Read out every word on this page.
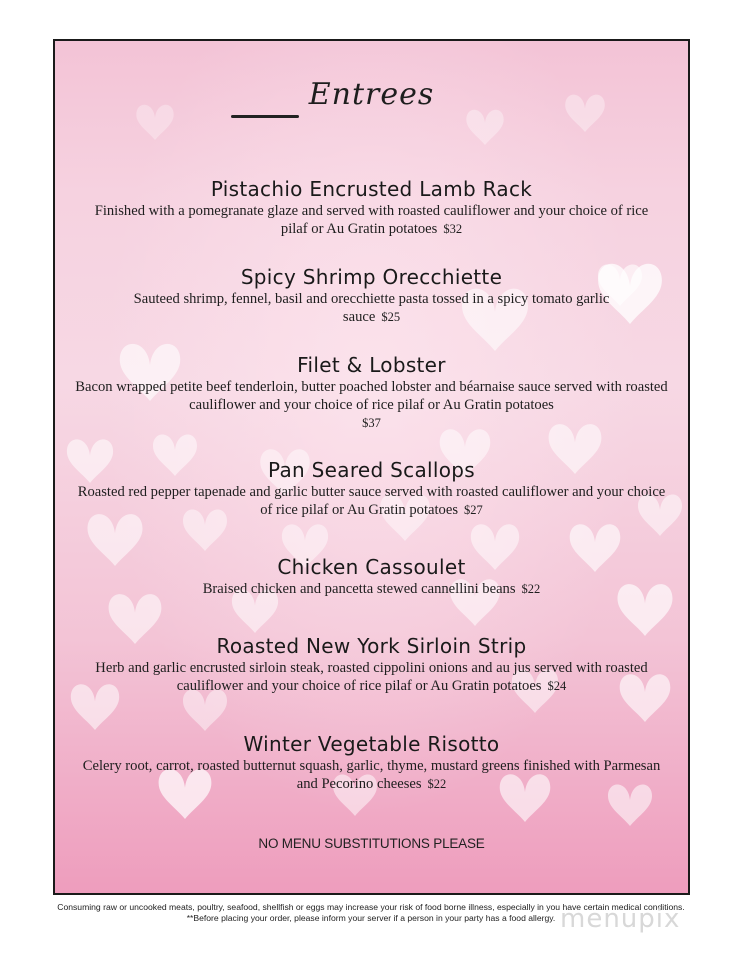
Entrees
Pistachio Encrusted Lamb Rack
Finished with a pomegranate glaze and served with roasted cauliflower and your choice of rice pilaf or Au Gratin potatoes $32
Spicy Shrimp Orecchiette
Sauteed shrimp, fennel, basil and orecchiette pasta tossed in a spicy tomato garlic sauce $25
Filet & Lobster
Bacon wrapped petite beef tenderloin, butter poached lobster and béarnaise sauce served with roasted cauliflower and your choice of rice pilaf or Au Gratin potatoes
$37
Pan Seared Scallops
Roasted red pepper tapenade and garlic butter sauce served with roasted cauliflower and your choice of rice pilaf or Au Gratin potatoes $27
Chicken Cassoulet
Braised chicken and pancetta stewed cannellini beans $22
Roasted New York Sirloin Strip
Herb and garlic encrusted sirloin steak, roasted cippolini onions and au jus served with roasted cauliflower and your choice of rice pilaf or Au Gratin potatoes $24
Winter Vegetable Risotto
Celery root, carrot, roasted butternut squash, garlic, thyme, mustard greens finished with Parmesan and Pecorino cheeses $22
NO MENU SUBSTITUTIONS PLEASE
Consuming raw or uncooked meats, poultry, seafood, shellfish or eggs may increase your risk of food borne illness, especially in you have certain medical conditions.
**Before placing your order, please inform your server if a person in your party has a food allergy. menupix
